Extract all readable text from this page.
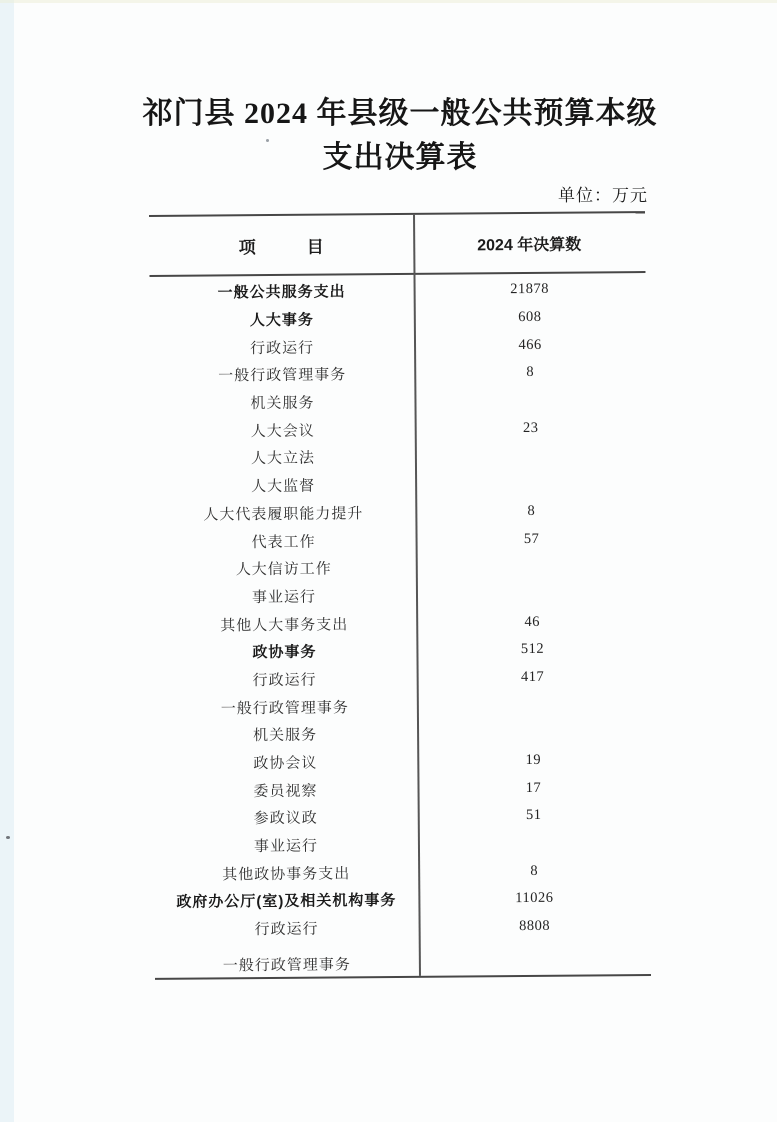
祁门县 2024 年县级一般公共预算本级
支出决算表
单位：万元
项　　　目	2024 年决算数
一般公共服务支出	21878
人大事务	608
行政运行	466
一般行政管理事务	8
机关服务
人大会议	23
人大立法
人大监督
人大代表履职能力提升	8
代表工作	57
人大信访工作
事业运行
其他人大事务支出	46
政协事务	512
行政运行	417
一般行政管理事务
机关服务
政协会议	19
委员视察	17
参政议政	51
事业运行
其他政协事务支出	8
政府办公厅(室)及相关机构事务	11026
行政运行	8808
一般行政管理事务
